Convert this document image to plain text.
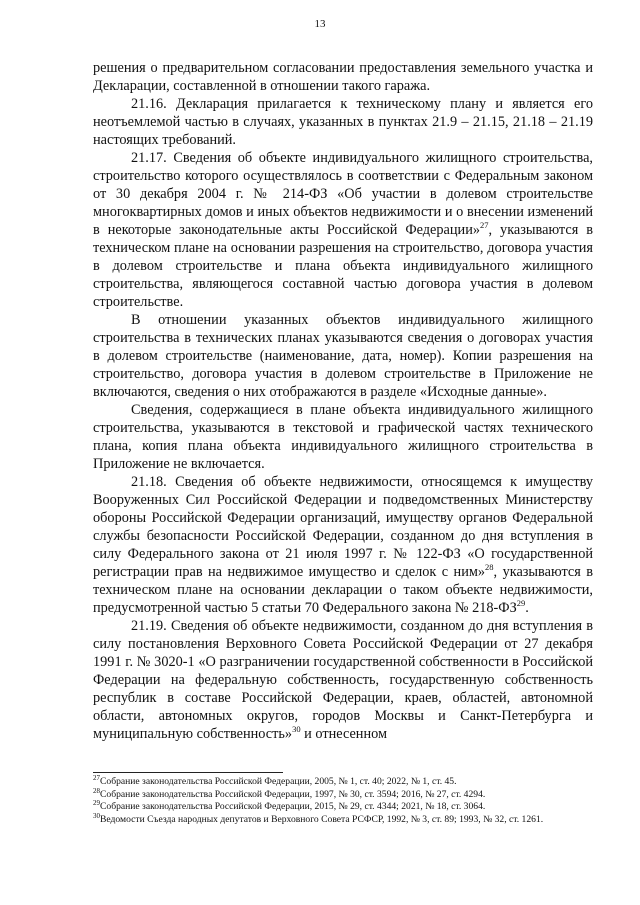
13

решения о предварительном согласовании предоставления земельного участка и Декларации, составленной в отношении такого гаража.

21.16. Декларация прилагается к техническому плану и является его неотъемлемой частью в случаях, указанных в пунктах 21.9 – 21.15, 21.18 – 21.19 настоящих требований.

21.17. Сведения об объекте индивидуального жилищного строительства, строительство которого осуществлялось в соответствии с Федеральным законом от 30 декабря 2004 г. № 214-ФЗ «Об участии в долевом строительстве многоквартирных домов и иных объектов недвижимости и о внесении изменений в некоторые законодательные акты Российской Федерации»$^{27}$, указываются в техническом плане на основании разрешения на строительство, договора участия в долевом строительстве и плана объекта индивидуального жилищного строительства, являющегося составной частью договора участия в долевом строительстве.

В отношении указанных объектов индивидуального жилищного строительства в технических планах указываются сведения о договорах участия в долевом строительстве (наименование, дата, номер). Копии разрешения на строительство, договора участия в долевом строительстве в Приложение не включаются, сведения о них отображаются в разделе «Исходные данные».

Сведения, содержащиеся в плане объекта индивидуального жилищного строительства, указываются в текстовой и графической частях технического плана, копия плана объекта индивидуального жилищного строительства в Приложение не включается.

21.18. Сведения об объекте недвижимости, относящемся к имуществу Вооруженных Сил Российской Федерации и подведомственных Министерству обороны Российской Федерации организаций, имуществу органов Федеральной службы безопасности Российской Федерации, созданном до дня вступления в силу Федерального закона от 21 июля 1997 г. № 122-ФЗ «О государственной регистрации прав на недвижимое имущество и сделок с ним»$^{28}$, указываются в техническом плане на основании декларации о таком объекте недвижимости, предусмотренной частью 5 статьи 70 Федерального закона № 218-ФЗ$^{29}$.

21.19. Сведения об объекте недвижимости, созданном до дня вступления в силу постановления Верховного Совета Российской Федерации от 27 декабря 1991 г. № 3020-1 «О разграничении государственной собственности в Российской Федерации на федеральную собственность, государственную собственность республик в составе Российской Федерации, краев, областей, автономной области, автономных округов, городов Москвы и Санкт-Петербурга и муниципальную собственность»$^{30}$ и отнесенном

$^{27}$Собрание законодательства Российской Федерации, 2005, № 1, ст. 40; 2022, № 1, ст. 45.
$^{28}$Собрание законодательства Российской Федерации, 1997, № 30, ст. 3594; 2016, № 27, ст. 4294.
$^{29}$Собрание законодательства Российской Федерации, 2015, № 29, ст. 4344; 2021, № 18, ст. 3064.
$^{30}$Ведомости Съезда народных депутатов и Верховного Совета РСФСР, 1992, № 3, ст. 89; 1993, № 32, ст. 1261.
